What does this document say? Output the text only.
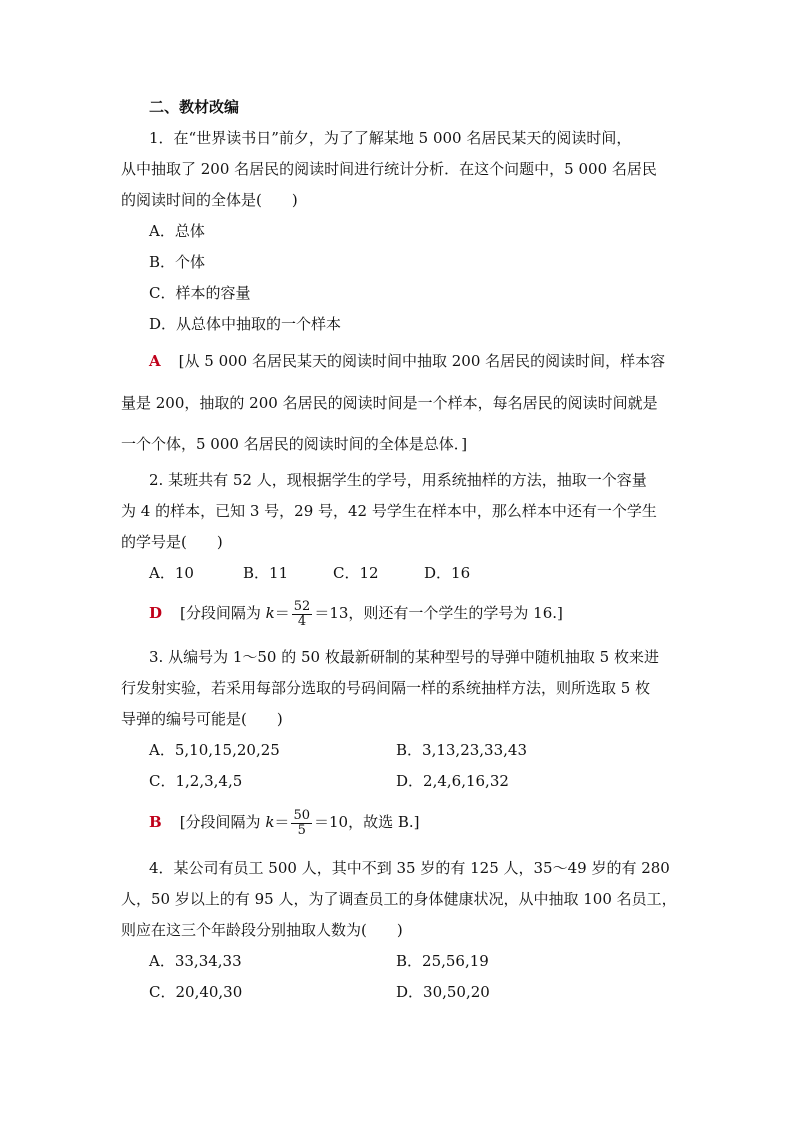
二、教材改编
1．在“世界读书日”前夕，为了了解某地 5 000 名居民某天的阅读时间，
从中抽取了 200 名居民的阅读时间进行统计分析．在这个问题中，5 000 名居民
的阅读时间的全体是(　　)
A．总体
B．个体
C．样本的容量
D．从总体中抽取的一个样本
A [从 5 000 名居民某天的阅读时间中抽取 200 名居民的阅读时间，样本容
量是 200，抽取的 200 名居民的阅读时间是一个样本，每名居民的阅读时间就是
一个个体，5 000 名居民的阅读时间的全体是总体．]
2. 某班共有 52 人，现根据学生的学号，用系统抽样的方法，抽取一个容量
为 4 的样本，已知 3 号，29 号，42 号学生在样本中，那么样本中还有一个学生
的学号是(　　)
A．10	B．11	C．12	D．16
D [分段间隔为 $k= \frac{52}{4} =13$，则还有一个学生的学号为 16.]
3. 从编号为 1～50 的 50 枚最新研制的某种型号的导弹中随机抽取 5 枚来进
行发射实验，若采用每部分选取的号码间隔一样的系统抽样方法，则所选取 5 枚
导弹的编号可能是(　　)
A．5,10,15,20,25	B．3,13,23,33,43
C．1,2,3,4,5	D．2,4,6,16,32
B [分段间隔为 $k= \frac{50}{5} =10$，故选 B.]
4．某公司有员工 500 人，其中不到 35 岁的有 125 人，35～49 岁的有 280
人，50 岁以上的有 95 人，为了调查员工的身体健康状况，从中抽取 100 名员工，
则应在这三个年龄段分别抽取人数为(　　)
A．33,34,33	B．25,56,19
C．20,40,30	D．30,50,20
